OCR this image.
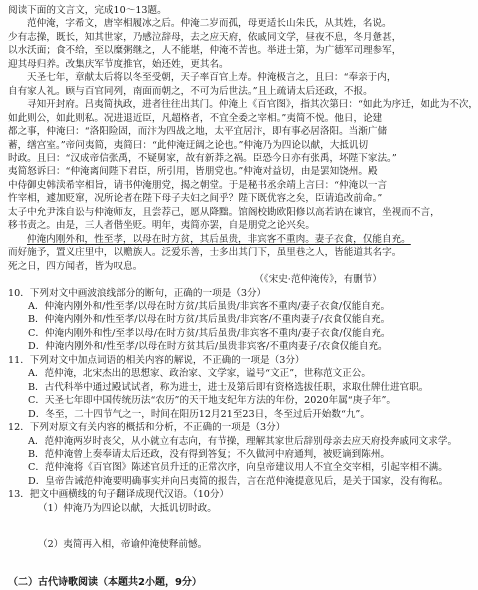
阅读下面的文言文，完成10～13题。
范仲淹，字希文，唐宰相履冰之后。仲淹二岁而孤，母更适长山朱氏，从其姓，名说。
少有志操，既长，知其世家，乃感泣辞母，去之应天府，依戚同文学，昼夜不息，冬月惫甚，
以水沃面；食不给，至以糜粥继之，人不能堪，仲淹不苦也。举进士第，为广德军司理参军，
迎其母归养。改集庆军节度推官，始还姓，更其名。
天圣七年，章献太后将以冬至受朝，天子率百官上寿。仲淹极言之，且曰：“奉亲于内，
自有家人礼。顾与百官同列，南面而朝之，不可为后世法。”且上疏请太后还政，不报。
寻知开封府。吕夷简执政，进者往往出其门。仲淹上《百官图》，指其次第曰：“如此为序迁，如此为不次，
如此则公，如此则私。况进退近臣，凡超格者，不宜全委之宰相。”夷简不悦。他日，论建
都之事，仲淹曰：“洛阳险固，而汴为四战之地，太平宜居汴，即有事必居洛阳。当渐广储
蓄，缮宫室。”帝问夷简，夷简曰：“此仲淹迂阔之论也。”仲淹乃为四论以献，大抵讥切
时政。且曰：“汉成帝信张禹，不疑舅家，故有新莽之祸。臣恐今日亦有张禹，坏陛下家法。”
夷简怒诉曰：“仲淹离间陛下君臣，所引用，皆朋党也。”仲淹对益切，由是罢知饶州。殿
中侍御史韩渎希宰相旨，请书仲淹朋党，揭之朝堂。于是秘书丞余靖上言曰：“仲淹以一言
忤宰相，遽加贬窜，况所论者在陛下母子夫妇之间乎？陛下既优容之矣，臣请追改前命。”
太子中允尹洙自讼与仲淹师友，且尝荐己，愿从降黜。馆阁校勘欧阳修以高若讷在谏官，坐视而不言，
移书责之。由是，三人者偕坐贬。明年，夷简亦罢，自是朋党之论兴矣。
仲淹内刚外和，性至孝，以母在时方贫，其后虽贵，非宾客不重肉。妻子衣食，仅能自充。
而好施予，置义庄里中，以赡族人。泛爱乐善，士多出其门下，虽里巷之人，皆能道其名字。
死之日，四方闻者，皆为叹息。
（《宋史·范仲淹传》，有删节）
10．下列对文中画波浪线部分的断句，正确的一项是（3分）
A．仲淹内刚外和/性至孝/以母在时方贫/其后虽贵/非宾客不重肉/妻子衣食/仅能自充。
B．仲淹内刚外和/性至孝/以母在时方贫/其后虽贵/非宾客/不重肉妻子/衣食仅能自充。
C．仲淹内刚外和性/至孝以母/在时方贫/其后虽贵/非宾客不重肉/妻子衣食/仅能自充。
D．仲淹内刚外和/性至孝/以母在时方贫其后/虽贵非宾客/不重肉妻子/衣食仅能自充。
11．下列对文中加点词语的相关内容的解说，不正确的一项是（3分）
A．范仲淹，北宋杰出的思想家、政治家、文学家，谥号“文正”，世称范文正公。
B．古代科举中通过殿试试者，称为进士，进士及第后即有资格选拔任职，求取仕牌仕进官职。
C．天圣七年即中国传统历法“农历”的天干地支纪年方法的年份，2020年属“庚子年”。
D．冬至，二十四节气之一，时间在阳历12月21至23日，冬至过后开始数“九”。
12．下列对原文有关内容的概括和分析，不正确的一项是（3分）
A．范仲淹两岁时丧父，从小就立有志向，有节操，理解其家世后辞别母亲去应天府投奔戚同文求学。
B．范仲淹曾上奏奉请太后还政，没有得到答复；不久做河中府通判，被贬谪到陈州。
C．范仲淹将《百官图》陈述官员升迁的正常次序，向皇帝建议用人不宜全交宰相，引起宰相不满。
D．皇帝告诫范仲淹要明确事实并向吕夷简的报告，言在范仲淹提意见后，是关于国家，没有徇私。
13．把文中画横线的句子翻译成现代汉语。（10分）
（1）仲淹乃为四论以献，大抵讥切时政。
（2）夷简再入相，帝谕仲淹使释前憾。
（二）古代诗歌阅读（本题共2小题，9分）
